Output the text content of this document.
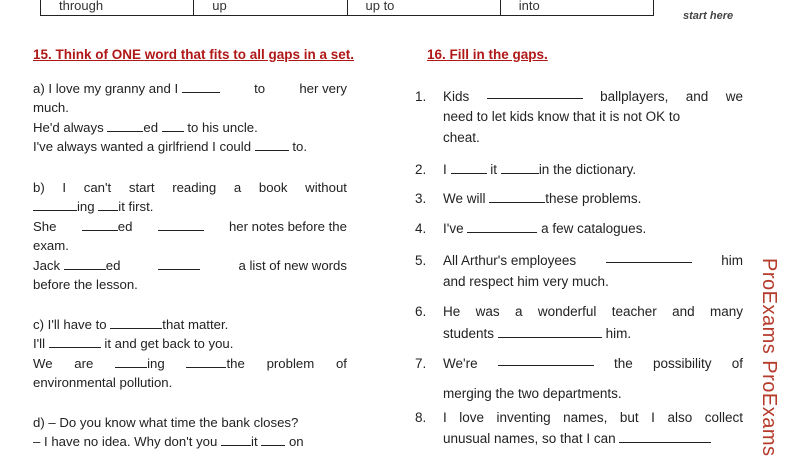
through	up	up to	into
start here
15. Think of ONE word that fits to all gaps in a set.
a) I love my granny and I	to	her very
much.
He'd always	ed to his uncle.
I've always wanted a girlfriend I could	to.
b) I can't start reading a book without
ing it first.
She	ed	her notes before the
exam.
Jack	ed	a list of new words
before the lesson.
c) I'll have to	that matter.
I'll	it and get back to you.
We are	ing	the problem of
environmental pollution.
d) – Do you know what time the bank closes?
– I have no idea. Why don't you	it on
16. Fill in the gaps.
1. Kids	ballplayers, and we
need to let kids know that it is not OK to
cheat.
2. I	it	in the dictionary.
3. We will	these problems.
4. I've	a few catalogues.
5. All Arthur's employees	him
and respect him very much.
6. He was a wonderful teacher and many
students	him.
7. We're	the possibility of
merging the two departments.
8. I love inventing names, but I also collect
unusual names, so that I can	ProExams ProExams
